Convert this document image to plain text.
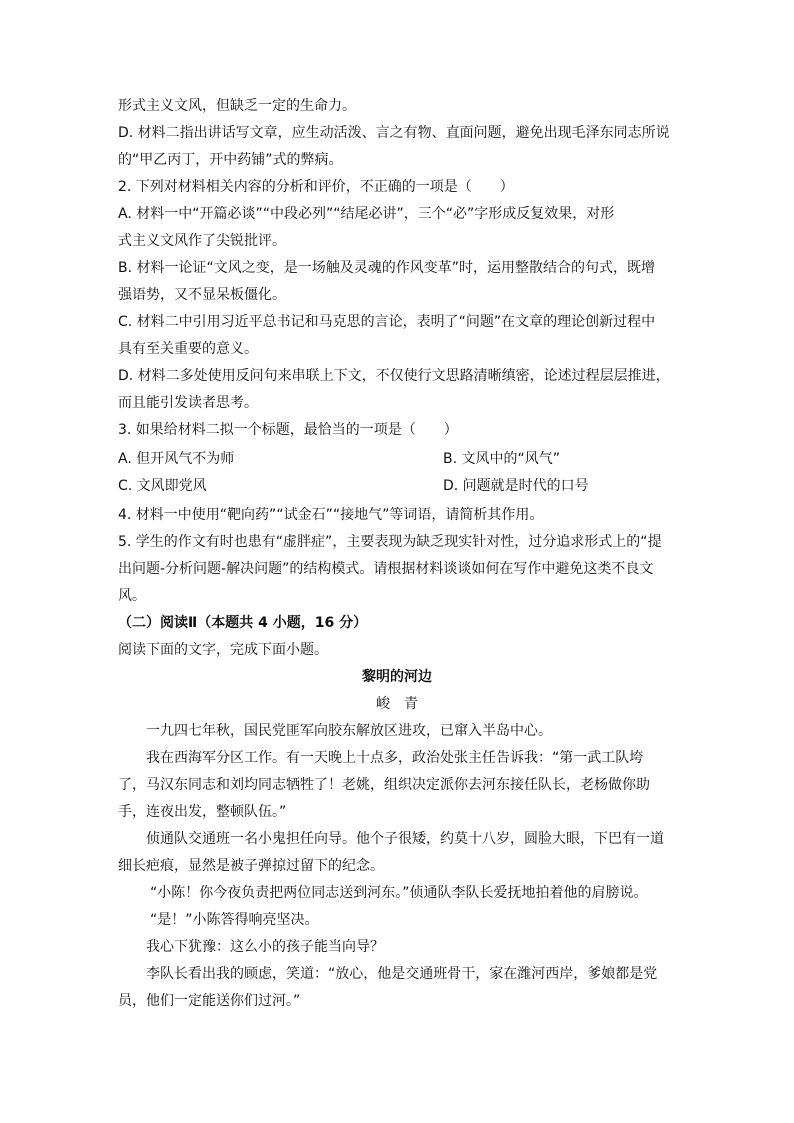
形式主义文风，但缺乏一定的生命力。
D. 材料二指出讲话写文章，应生动活泼、言之有物、直面问题，避免出现毛泽东同志所说
的“甲乙丙丁，开中药铺”式的弊病。
2. 下列对材料相关内容的分析和评价，不正确的一项是（　　）
A. 材料一中“开篇必谈”“中段必列”“结尾必讲”，三个“必”字形成反复效果，对形
式主义文风作了尖锐批评。
B. 材料一论证“文风之变，是一场触及灵魂的作风变革”时，运用整散结合的句式，既增
强语势，又不显呆板僵化。
C. 材料二中引用习近平总书记和马克思的言论，表明了“问题”在文章的理论创新过程中
具有至关重要的意义。
D. 材料二多处使用反问句来串联上下文，不仅使行文思路清晰缜密，论述过程层层推进，
而且能引发读者思考。
3. 如果给材料二拟一个标题，最恰当的一项是（　　）
A. 但开风气不为师	B. 文风中的“风气”
C. 文风即党风	D. 问题就是时代的口号
4. 材料一中使用“靶向药”“试金石”“接地气”等词语，请简析其作用。
5. 学生的作文有时也患有“虚胖症”，主要表现为缺乏现实针对性，过分追求形式上的“提
出问题-分析问题-解决问题”的结构模式。请根据材料谈谈如何在写作中避免这类不良文
风。
（二）阅读Ⅱ（本题共 4 小题，16 分）
阅读下面的文字，完成下面小题。
黎明的河边
峻　青
一九四七年秋，国民党匪军向胶东解放区进攻，已窜入半岛中心。
我在西海军分区工作。有一天晚上十点多，政治处张主任告诉我：“第一武工队垮
了，马汉东同志和刘均同志牺牲了！老姚，组织决定派你去河东接任队长，老杨做你助
手，连夜出发，整顿队伍。”
侦通队交通班一名小鬼担任向导。他个子很矮，约莫十八岁，圆脸大眼，下巴有一道
细长疤痕，显然是被子弹掠过留下的纪念。
“小陈！你今夜负责把两位同志送到河东。”侦通队李队长爱抚地拍着他的肩膀说。
“是！”小陈答得响亮坚决。
我心下犹豫：这么小的孩子能当向导？
李队长看出我的顾虑，笑道：“放心，他是交通班骨干，家在潍河西岸，爹娘都是党
员，他们一定能送你们过河。”
